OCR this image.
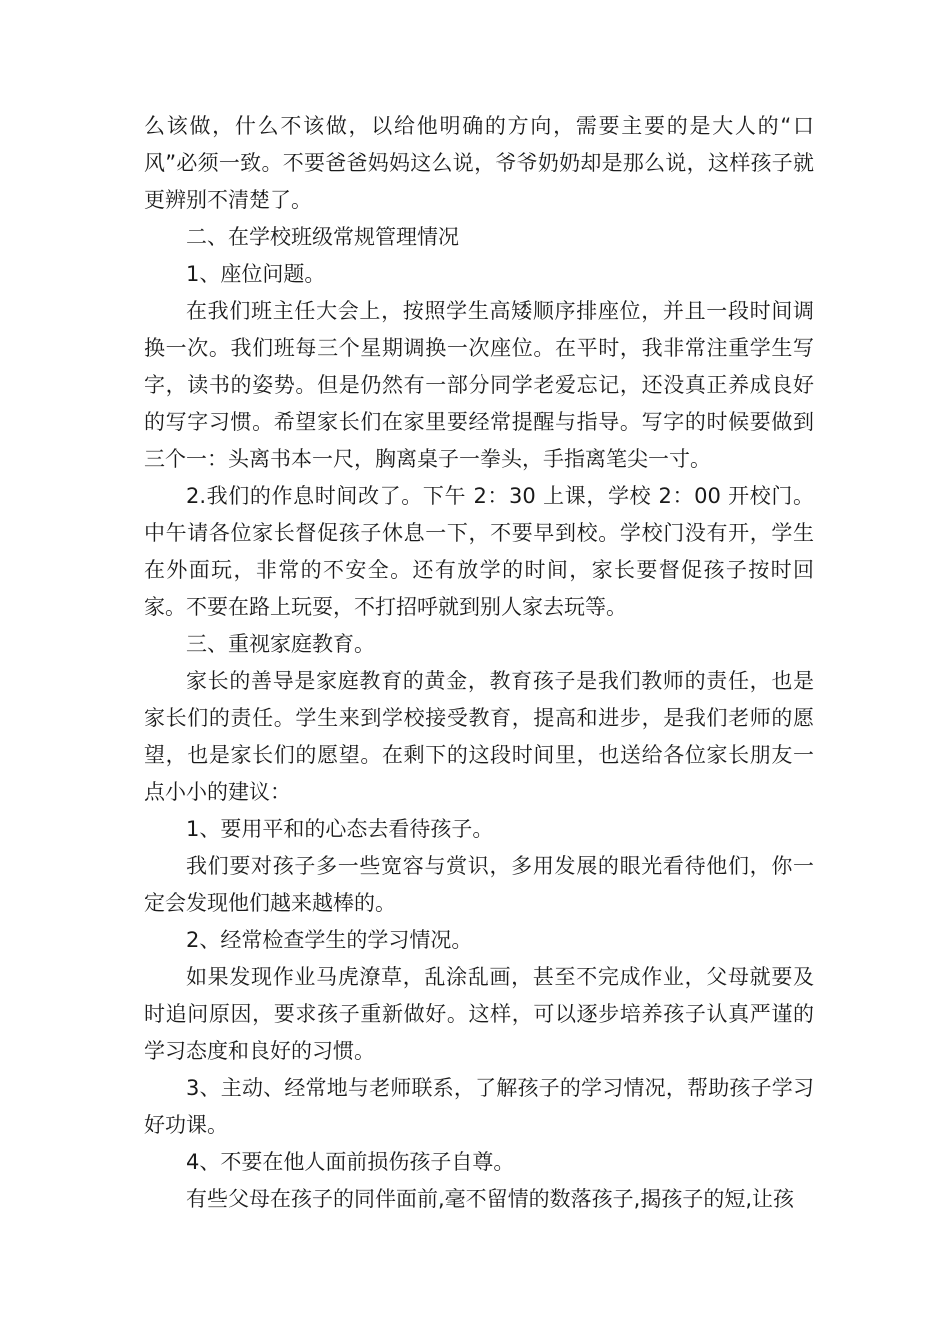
么该做，什么不该做，以给他明确的方向，需要主要的是大人的“口风”必须一致。不要爸爸妈妈这么说，爷爷奶奶却是那么说，这样孩子就更辨别不清楚了。

二、在学校班级常规管理情况

1、座位问题。

在我们班主任大会上，按照学生高矮顺序排座位，并且一段时间调换一次。我们班每三个星期调换一次座位。在平时，我非常注重学生写字，读书的姿势。但是仍然有一部分同学老爱忘记，还没真正养成良好的写字习惯。希望家长们在家里要经常提醒与指导。写字的时候要做到三个一：头离书本一尺，胸离桌子一拳头，手指离笔尖一寸。

2.我们的作息时间改了。下午 2：30 上课，学校 2：00 开校门。中午请各位家长督促孩子休息一下，不要早到校。学校门没有开，学生在外面玩，非常的不安全。还有放学的时间，家长要督促孩子按时回家。不要在路上玩耍，不打招呼就到别人家去玩等。

三、重视家庭教育。

家长的善导是家庭教育的黄金，教育孩子是我们教师的责任，也是家长们的责任。学生来到学校接受教育，提高和进步，是我们老师的愿望，也是家长们的愿望。在剩下的这段时间里，也送给各位家长朋友一点小小的建议：

1、要用平和的心态去看待孩子。

我们要对孩子多一些宽容与赏识，多用发展的眼光看待他们，你一定会发现他们越来越棒的。

2、经常检查学生的学习情况。

如果发现作业马虎潦草，乱涂乱画，甚至不完成作业，父母就要及时追问原因，要求孩子重新做好。这样，可以逐步培养孩子认真严谨的学习态度和良好的习惯。

3、主动、经常地与老师联系，了解孩子的学习情况，帮助孩子学习好功课。

4、不要在他人面前损伤孩子自尊。

有些父母在孩子的同伴面前,毫不留情的数落孩子,揭孩子的短,让孩
